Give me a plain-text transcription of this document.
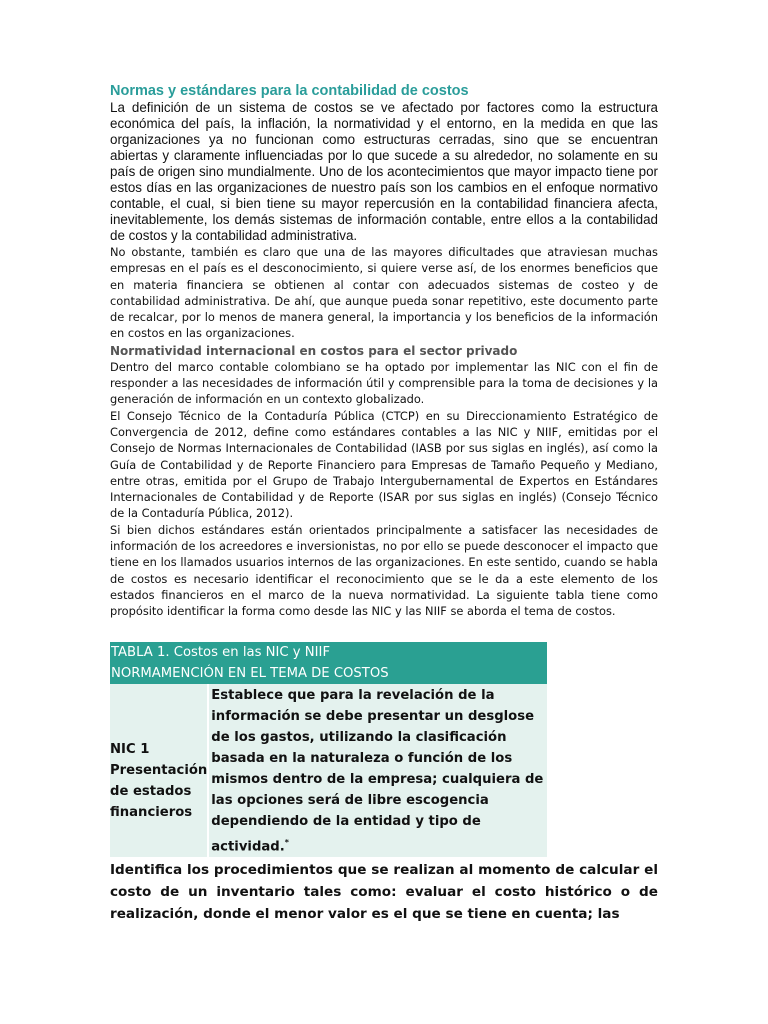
Normas y estándares para la contabilidad de costos

La definición de un sistema de costos se ve afectado por factores como la estructura económica del país, la inflación, la normatividad y el entorno, en la medida en que las organizaciones ya no funcionan como estructuras cerradas, sino que se encuentran abiertas y claramente influenciadas por lo que sucede a su alrededor, no solamente en su país de origen sino mundialmente. Uno de los acontecimientos que mayor impacto tiene por estos días en las organizaciones de nuestro país son los cambios en el enfoque normativo contable, el cual, si bien tiene su mayor repercusión en la contabilidad financiera afecta, inevitablemente, los demás sistemas de información contable, entre ellos a la contabilidad de costos y la contabilidad administrativa.

No obstante, también es claro que una de las mayores dificultades que atraviesan muchas empresas en el país es el desconocimiento, si quiere verse así, de los enormes beneficios que en materia financiera se obtienen al contar con adecuados sistemas de costeo y de contabilidad administrativa. De ahí, que aunque pueda sonar repetitivo, este documento parte de recalcar, por lo menos de manera general, la importancia y los beneficios de la información en costos en las organizaciones.

Normatividad internacional en costos para el sector privado

Dentro del marco contable colombiano se ha optado por implementar las NIC con el fin de responder a las necesidades de información útil y comprensible para la toma de decisiones y la generación de información en un contexto globalizado.

El Consejo Técnico de la Contaduría Pública (CTCP) en su Direccionamiento Estratégico de Convergencia de 2012, define como estándares contables a las NIC y NIIF, emitidas por el Consejo de Normas Internacionales de Contabilidad (IASB por sus siglas en inglés), así como la Guía de Contabilidad y de Reporte Financiero para Empresas de Tamaño Pequeño y Mediano, entre otras, emitida por el Grupo de Trabajo Intergubernamental de Expertos en Estándares Internacionales de Contabilidad y de Reporte (ISAR por sus siglas en inglés) (Consejo Técnico de la Contaduría Pública, 2012).

Si bien dichos estándares están orientados principalmente a satisfacer las necesidades de información de los acreedores e inversionistas, no por ello se puede desconocer el impacto que tiene en los llamados usuarios internos de las organizaciones. En este sentido, cuando se habla de costos es necesario identificar el reconocimiento que se le da a este elemento de los estados financieros en el marco de la nueva normatividad. La siguiente tabla tiene como propósito identificar la forma como desde las NIC y las NIIF se aborda el tema de costos.

TABLA 1. Costos en las NIC y NIIF
NORMAMENCIÓN EN EL TEMA DE COSTOS
NIC 1 Presentación de estados financieros	Establece que para la revelación de la información se debe presentar un desglose de los gastos, utilizando la clasificación basada en la naturaleza o función de los mismos dentro de la empresa; cualquiera de las opciones será de libre escogencia dependiendo de la entidad y tipo de actividad.*

Identifica los procedimientos que se realizan al momento de calcular el costo de un inventario tales como: evaluar el costo histórico o de realización, donde el menor valor es el que se tiene en cuenta; las
